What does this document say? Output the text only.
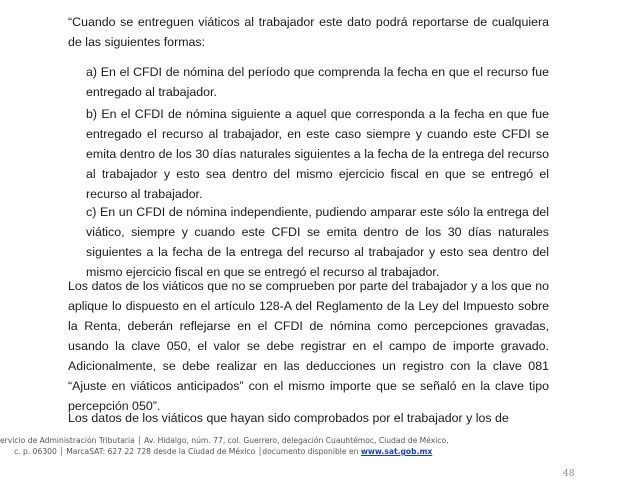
“Cuando se entreguen viáticos al trabajador este dato podrá reportarse de cualquiera de las siguientes formas:

a) En el CFDI de nómina del período que comprenda la fecha en que el recurso fue entregado al trabajador.

b) En el CFDI de nómina siguiente a aquel que corresponda a la fecha en que fue entregado el recurso al trabajador, en este caso siempre y cuando este CFDI se emita dentro de los 30 días naturales siguientes a la fecha de la entrega del recurso al trabajador y esto sea dentro del mismo ejercicio fiscal en que se entregó el recurso al trabajador.

c) En un CFDI de nómina independiente, pudiendo amparar este sólo la entrega del viático, siempre y cuando este CFDI se emita dentro de los 30 días naturales siguientes a la fecha de la entrega del recurso al trabajador y esto sea dentro del mismo ejercicio fiscal en que se entregó el recurso al trabajador.

Los datos de los viáticos que no se comprueben por parte del trabajador y a los que no aplique lo dispuesto en el artículo 128-A del Reglamento de la Ley del Impuesto sobre la Renta, deberán reflejarse en el CFDI de nómina como percepciones gravadas, usando la clave 050, el valor se debe registrar en el campo de importe gravado. Adicionalmente, se debe realizar en las deducciones un registro con la clave 081 “Ajuste en viáticos anticipados” con el mismo importe que se señaló en la clave tipo percepción 050”.

Los datos de los viáticos que hayan sido comprobados por el trabajador y los de

ervicio de Administración Tributaria │ Av. Hidalgo, núm. 77, col. Guerrero, delegación Cuauhtémoc, Ciudad de México,
c. p. 06300 │ MarcaSAT: 627 22 728 desde la Ciudad de México │documento disponible en www.sat.gob.mx
48
